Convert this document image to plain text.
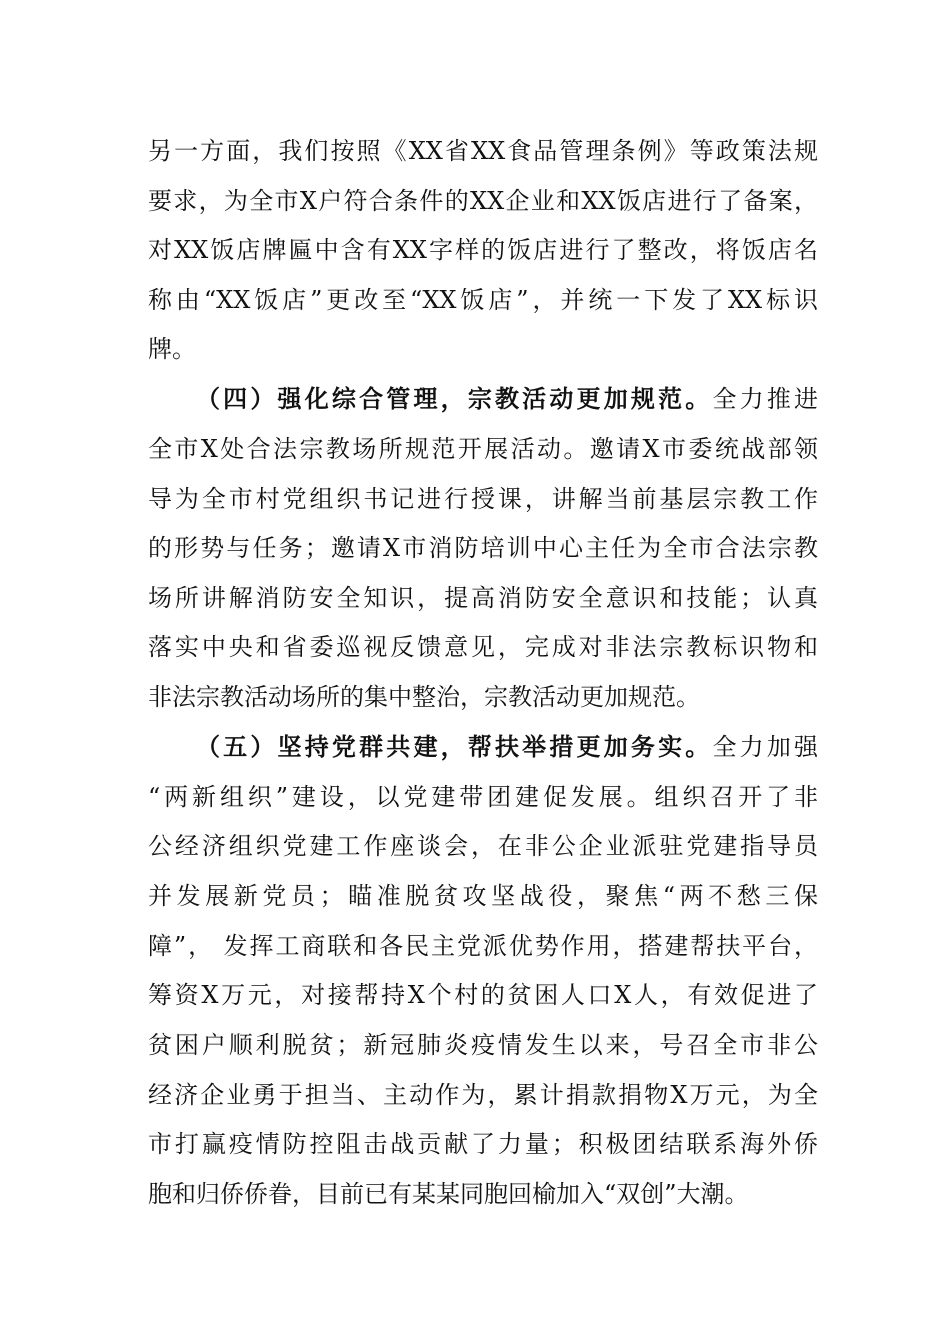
另一方面，我们按照《XX省XX食品管理条例》等政策法规
要求，为全市X户符合条件的XX企业和XX饭店进行了备案，
对XX饭店牌匾中含有XX字样的饭店进行了整改，将饭店名
称由“XX饭店”更改至“XX饭店”，并统一下发了XX标识
牌。
（四）强化综合管理，宗教活动更加规范。全力推进
全市X处合法宗教场所规范开展活动。邀请X市委统战部领
导为全市村党组织书记进行授课，讲解当前基层宗教工作
的形势与任务；邀请X市消防培训中心主任为全市合法宗教
场所讲解消防安全知识，提高消防安全意识和技能；认真
落实中央和省委巡视反馈意见，完成对非法宗教标识物和
非法宗教活动场所的集中整治，宗教活动更加规范。
（五）坚持党群共建，帮扶举措更加务实。全力加强
“两新组织”建设，以党建带团建促发展。组织召开了非
公经济组织党建工作座谈会，在非公企业派驻党建指导员
并发展新党员；瞄准脱贫攻坚战役，聚焦“两不愁三保
障”， 发挥工商联和各民主党派优势作用，搭建帮扶平台，
筹资X万元，对接帮持X个村的贫困人口X人，有效促进了
贫困户顺利脱贫；新冠肺炎疫情发生以来，号召全市非公
经济企业勇于担当、主动作为，累计捐款捐物X万元，为全
市打赢疫情防控阻击战贡献了力量；积极团结联系海外侨
胞和归侨侨眷，目前已有某某同胞回榆加入“双创”大潮。
